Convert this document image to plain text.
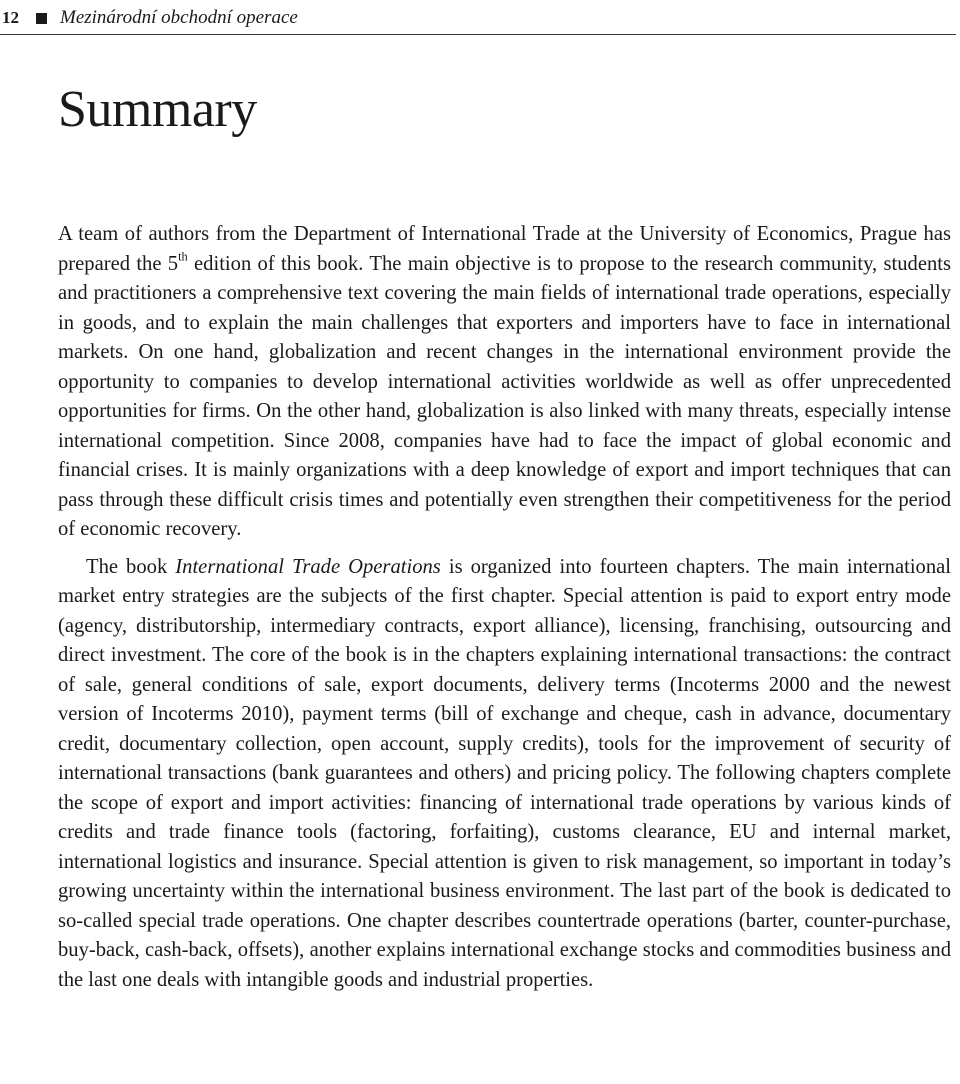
12 Mezinárodní obchodní operace
Summary

A team of authors from the Department of International Trade at the University of Economics, Prague has prepared the 5th edition of this book. The main objective is to propose to the research community, students and practitioners a comprehensive text covering the main fields of international trade operations, especially in goods, and to explain the main challenges that exporters and importers have to face in international markets. On one hand, globalization and recent changes in the international environment provide the opportunity to companies to develop international activities worldwide as well as offer unprecedented opportunities for firms. On the other hand, globalization is also linked with many threats, especially intense international competition. Since 2008, companies have had to face the impact of global economic and financial crises. It is mainly organizations with a deep knowledge of export and import techniques that can pass through these difficult crisis times and potentially even strengthen their competitiveness for the period of economic recovery.

The book International Trade Operations is organized into fourteen chapters. The main international market entry strategies are the subjects of the first chapter. Special attention is paid to export entry mode (agency, distributorship, intermediary contracts, export alliance), licensing, franchising, outsourcing and direct investment. The core of the book is in the chapters explaining international transactions: the contract of sale, general conditions of sale, export documents, delivery terms (Incoterms 2000 and the newest version of Incoterms 2010), payment terms (bill of exchange and cheque, cash in advance, documentary credit, documentary collection, open account, supply credits), tools for the improvement of security of international transactions (bank guarantees and others) and pricing policy. The following chapters complete the scope of export and import activities: financing of international trade operations by various kinds of credits and trade finance tools (factoring, forfaiting), customs clearance, EU and internal market, international logistics and insurance. Special attention is given to risk management, so important in today’s growing uncertainty within the international business environment. The last part of the book is dedicated to so-called special trade operations. One chapter describes countertrade operations (barter, counter-purchase, buy-back, cash-back, offsets), another explains international exchange stocks and commodities business and the last one deals with intangible goods and industrial properties.
